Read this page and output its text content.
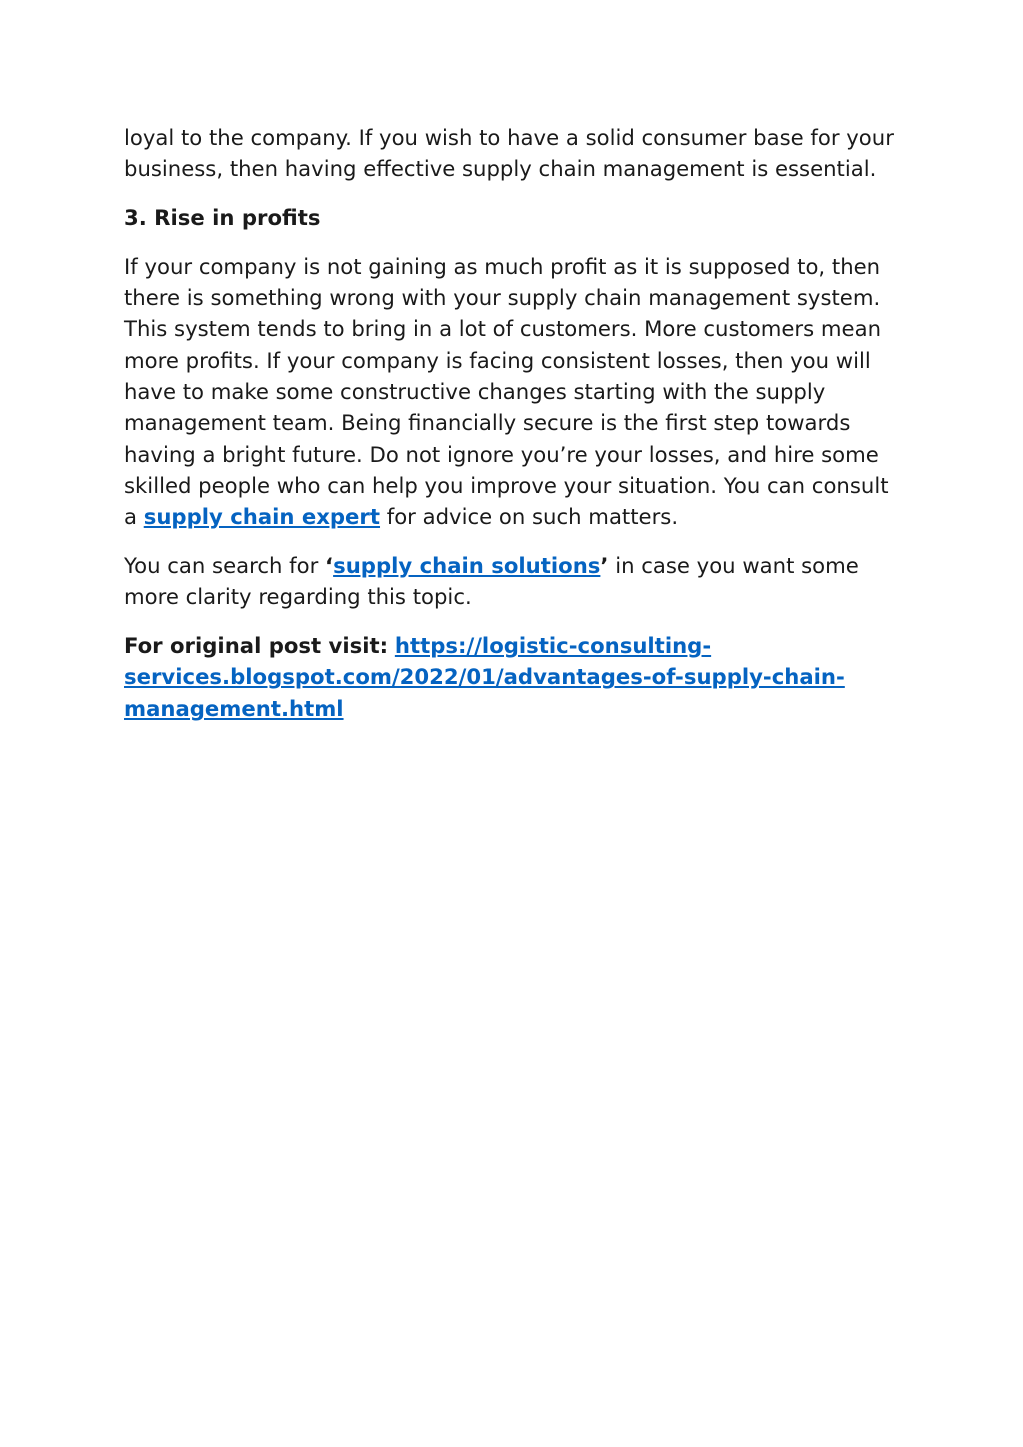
loyal to the company. If you wish to have a solid consumer base for your business, then having effective supply chain management is essential.

3. Rise in profits

If your company is not gaining as much profit as it is supposed to, then there is something wrong with your supply chain management system. This system tends to bring in a lot of customers. More customers mean more profits. If your company is facing consistent losses, then you will have to make some constructive changes starting with the supply management team. Being financially secure is the first step towards having a bright future. Do not ignore you’re your losses, and hire some skilled people who can help you improve your situation. You can consult a supply chain expert for advice on such matters.

You can search for ‘supply chain solutions’ in case you want some more clarity regarding this topic.

For original post visit: https://logistic-consulting-services.blogspot.com/2022/01/advantages-of-supply-chain-management.html
